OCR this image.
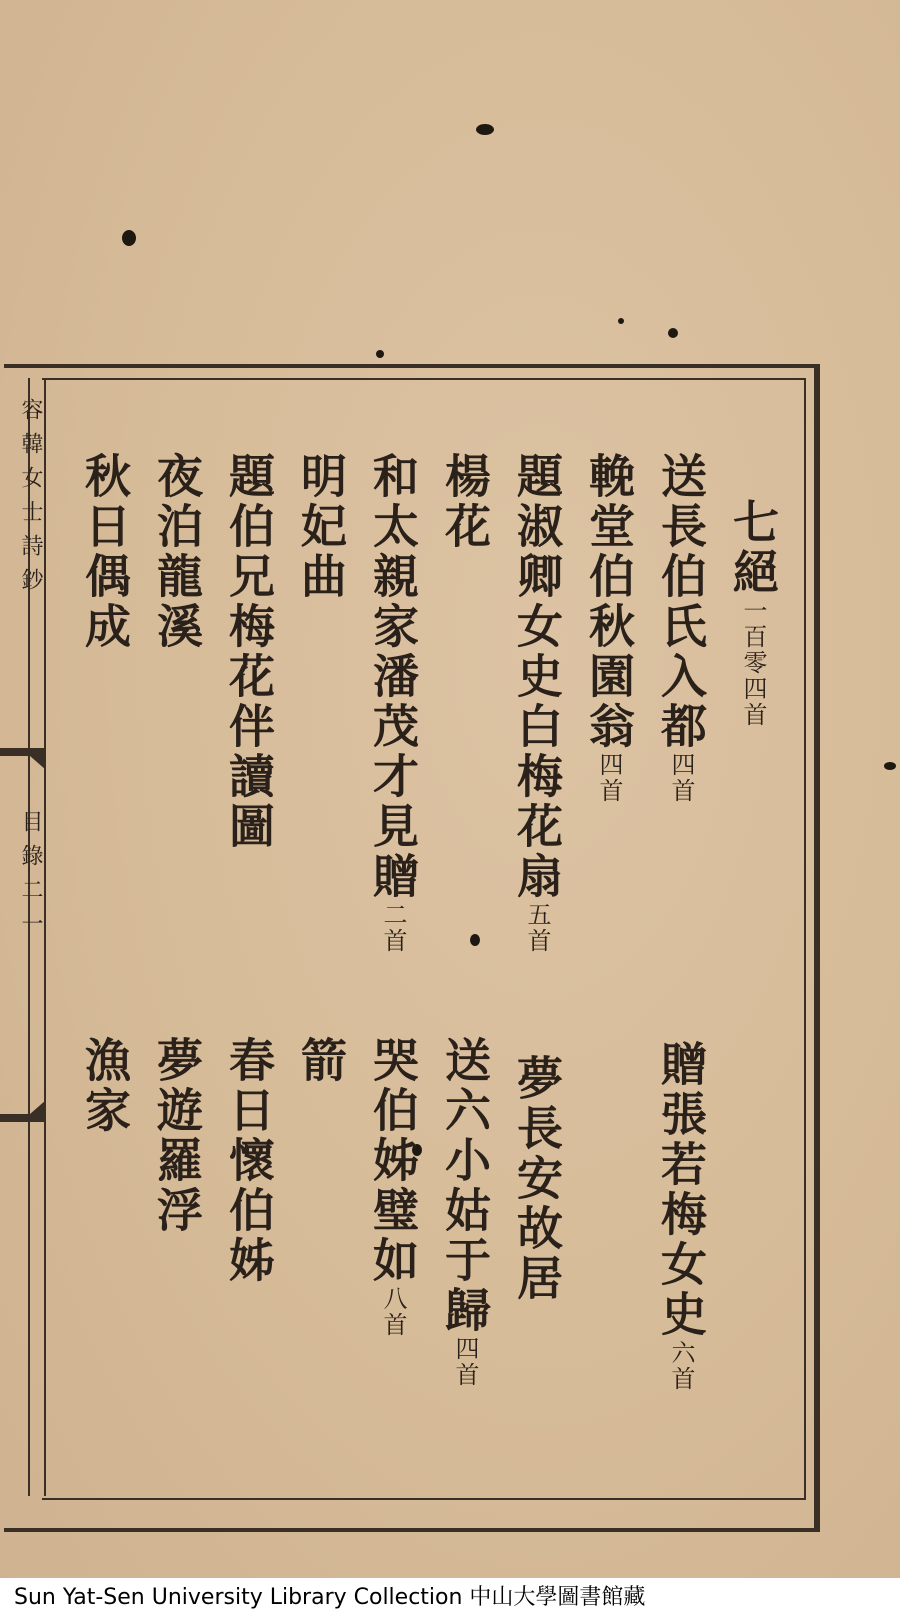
容韓女士詩鈔
目錄二一
七絕一百零四首
送長伯氏入都四首
輓堂伯秋園翁四首
題淑卿女史白梅花扇五首
楊花
和太親家潘茂才見贈二首
明妃曲
題伯兄梅花伴讀圖
夜泊龍溪
秋日偶成
贈張若梅女史六首
夢長安故居
送六小姑于歸四首
哭伯姊璧如八首
箭
春日懷伯姊
夢遊羅浮
漁家
Sun Yat-Sen University Library Collection 中山大學圖書館藏
